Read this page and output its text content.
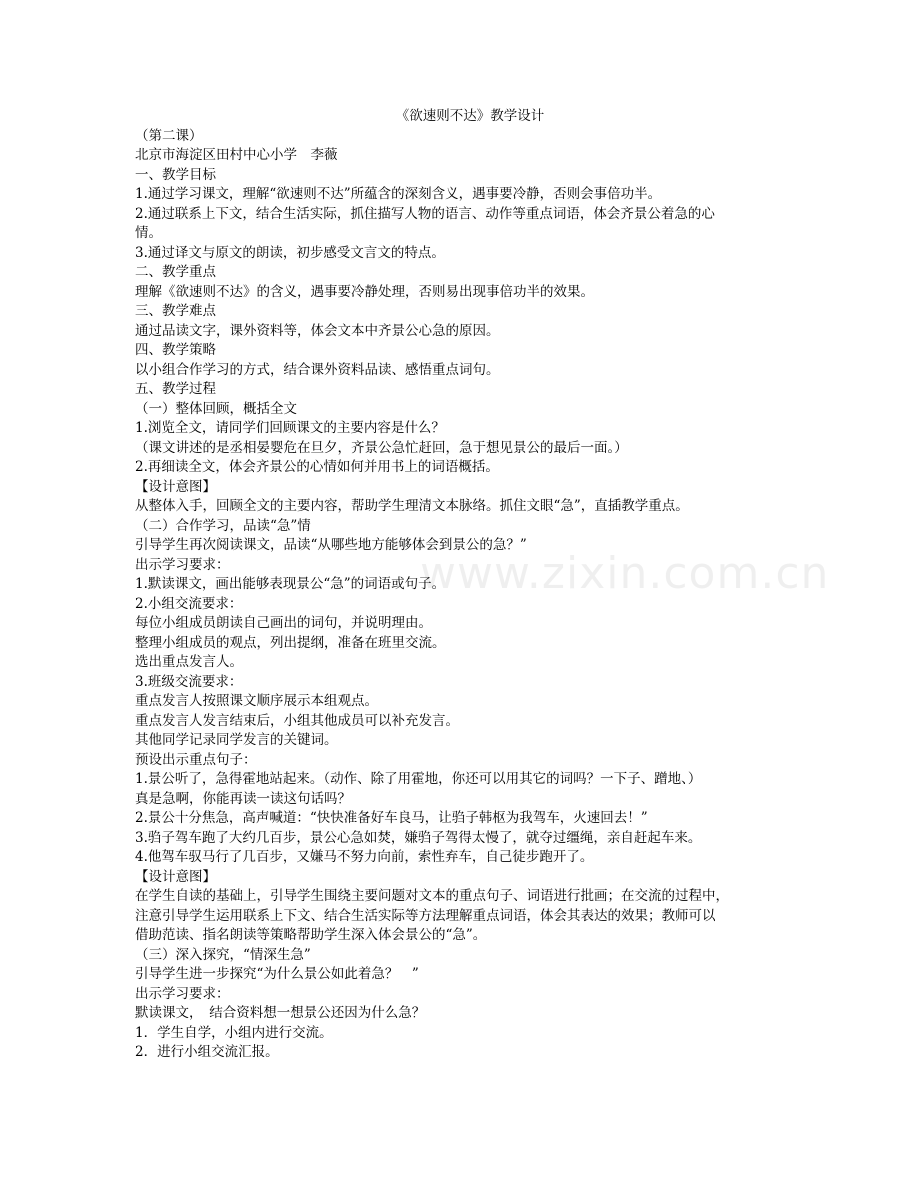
www.zixin.com.cn
《欲速则不达》教学设计
（第二课）
北京市海淀区田村中心小学　李薇
一、教学目标
1.通过学习课文，理解“欲速则不达”所蕴含的深刻含义，遇事要冷静，否则会事倍功半。
2.通过联系上下文，结合生活实际，抓住描写人物的语言、动作等重点词语，体会齐景公着急的心
情。
3.通过译文与原文的朗读，初步感受文言文的特点。
二、教学重点
理解《欲速则不达》的含义，遇事要冷静处理，否则易出现事倍功半的效果。
三、教学难点
通过品读文字，课外资料等，体会文本中齐景公心急的原因。
四、教学策略
以小组合作学习的方式，结合课外资料品读、感悟重点词句。
五、教学过程
（一）整体回顾，概括全文
1.浏览全文，请同学们回顾课文的主要内容是什么？
（课文讲述的是丞相晏婴危在旦夕，齐景公急忙赶回，急于想见景公的最后一面。）
2.再细读全文，体会齐景公的心情如何并用书上的词语概括。
【设计意图】
从整体入手，回顾全文的主要内容，帮助学生理清文本脉络。抓住文眼“急”，直插教学重点。
（二）合作学习，品读“急”情
引导学生再次阅读课文，品读“从哪些地方能够体会到景公的急？”
出示学习要求：
1.默读课文，画出能够表现景公“急”的词语或句子。
2.小组交流要求：
每位小组成员朗读自己画出的词句，并说明理由。
整理小组成员的观点，列出提纲，准备在班里交流。
选出重点发言人。
3.班级交流要求：
重点发言人按照课文顺序展示本组观点。
重点发言人发言结束后，小组其他成员可以补充发言。
其他同学记录同学发言的关键词。
预设出示重点句子：
1.景公听了，急得霍地站起来。（动作、除了用霍地，你还可以用其它的词吗？一下子、蹭地、）
真是急啊，你能再读一读这句话吗？
2.景公十分焦急，高声喊道：“快快准备好车良马，让驺子韩枢为我驾车，火速回去！”
3.驺子驾车跑了大约几百步，景公心急如焚，嫌驺子驾得太慢了，就夺过缰绳，亲自赶起车来。
4.他驾车驭马行了几百步，又嫌马不努力向前，索性弃车，自己徒步跑开了。
【设计意图】
在学生自读的基础上，引导学生围绕主要问题对文本的重点句子、词语进行批画；在交流的过程中，
注意引导学生运用联系上下文、结合生活实际等方法理解重点词语，体会其表达的效果；教师可以
借助范读、指名朗读等策略帮助学生深入体会景公的“急”。
（三）深入探究，“情深生急”
引导学生进一步探究“为什么景公如此着急？　”
出示学习要求：
默读课文，　结合资料想一想景公还因为什么急？
1．学生自学，小组内进行交流。
2．进行小组交流汇报。
